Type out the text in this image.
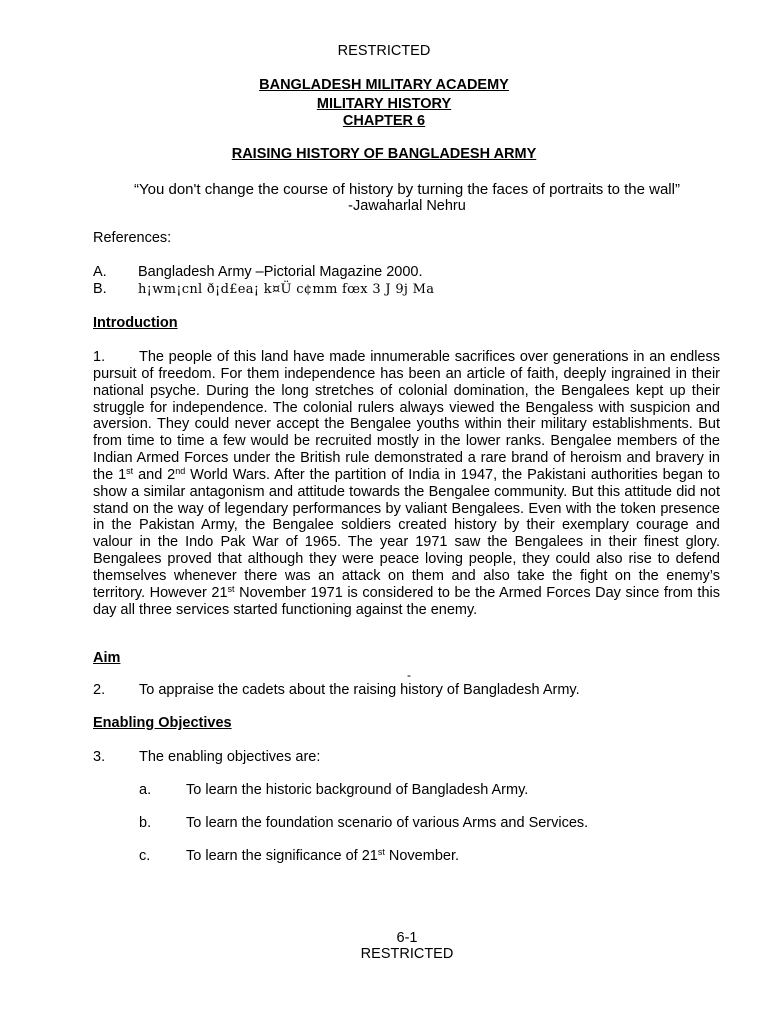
RESTRICTED
BANGLADESH MILITARY ACADEMY
MILITARY HISTORY
CHAPTER 6
RAISING HISTORY OF BANGLADESH ARMY
“You don't change the course of history by turning the faces of portraits to the wall”
-Jawaharlal Nehru
References:
A. Bangladesh Army –Pictorial Magazine 2000.
B. h¡wm¡cnl ð¡d£ea¡ k¤Ü c¢mm fœx 3 J 9j Ma
Introduction
1. The people of this land have made innumerable sacrifices over generations in an endless pursuit of freedom. For them independence has been an article of faith, deeply ingrained in their national psyche. During the long stretches of colonial domination, the Bengalees kept up their struggle for independence. The colonial rulers always viewed the Bengaless with suspicion and aversion. They could never accept the Bengalee youths within their military establishments. But from time to time a few would be recruited mostly in the lower ranks. Bengalee members of the Indian Armed Forces under the British rule demonstrated a rare brand of heroism and bravery in the 1st and 2nd World Wars. After the partition of India in 1947, the Pakistani authorities began to show a similar antagonism and attitude towards the Bengalee community. But this attitude did not stand on the way of legendary performances by valiant Bengalees. Even with the token presence in the Pakistan Army, the Bengalee soldiers created history by their exemplary courage and valour in the Indo Pak War of 1965. The year 1971 saw the Bengalees in their finest glory. Bengalees proved that although they were peace loving people, they could also rise to defend themselves whenever there was an attack on them and also take the fight on the enemy’s territory. However 21st November 1971 is considered to be the Armed Forces Day since from this day all three services started functioning against the enemy.
Aim
-
2. To appraise the cadets about the raising history of Bangladesh Army.
Enabling Objectives
3. The enabling objectives are:
a. To learn the historic background of Bangladesh Army.
b. To learn the foundation scenario of various Arms and Services.
c. To learn the significance of 21st November.
6-1
RESTRICTED
